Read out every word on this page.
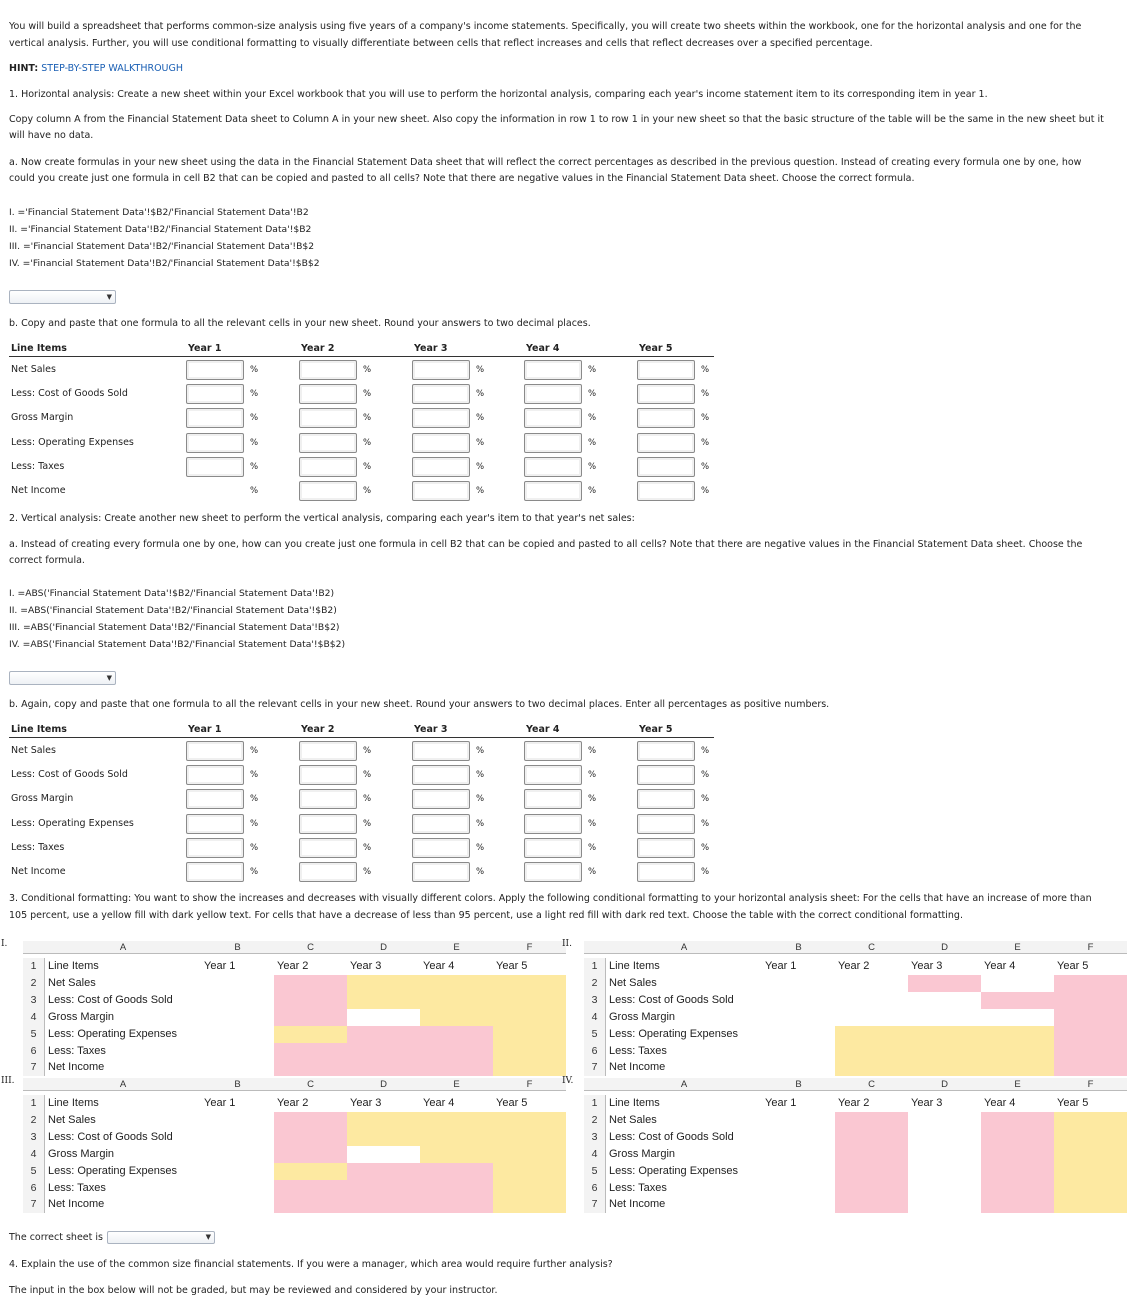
You will build a spreadsheet that performs common-size analysis using five years of a company's income statements. Specifically, you will create two sheets within the workbook, one for the horizontal analysis and one for the

vertical analysis. Further, you will use conditional formatting to visually differentiate between cells that reflect increases and cells that reflect decreases over a specified percentage.

HINT: STEP-BY-STEP WALKTHROUGH

1. Horizontal analysis: Create a new sheet within your Excel workbook that you will use to perform the horizontal analysis, comparing each year's income statement item to its corresponding item in year 1.

Copy column A from the Financial Statement Data sheet to Column A in your new sheet. Also copy the information in row 1 to row 1 in your new sheet so that the basic structure of the table will be the same in the new sheet but it

will have no data.

a. Now create formulas in your new sheet using the data in the Financial Statement Data sheet that will reflect the correct percentages as described in the previous question. Instead of creating every formula one by one, how

could you create just one formula in cell B2 that can be copied and pasted to all cells? Note that there are negative values in the Financial Statement Data sheet. Choose the correct formula.

I. ='Financial Statement Data'!$B2/'Financial Statement Data'!B2
II. ='Financial Statement Data'!B2/'Financial Statement Data'!$B2
III. ='Financial Statement Data'!B2/'Financial Statement Data'!B$2
IV. ='Financial Statement Data'!B2/'Financial Statement Data'!$B$2
▼

b. Copy and paste that one formula to all the relevant cells in your new sheet. Round your answers to two decimal places.

Line Items	Year 1	Year 2	Year 3	Year 4	Year 5
Net Sales	%	%	%	%	%
Less: Cost of Goods Sold	%	%	%	%	%
Gross Margin	%	%	%	%	%
Less: Operating Expenses	%	%	%	%	%
Less: Taxes	%	%	%	%	%
Net Income	%	%	%	%	%

2. Vertical analysis: Create another new sheet to perform the vertical analysis, comparing each year's item to that year's net sales:

a. Instead of creating every formula one by one, how can you create just one formula in cell B2 that can be copied and pasted to all cells? Note that there are negative values in the Financial Statement Data sheet. Choose the

correct formula.

I. =ABS('Financial Statement Data'!$B2/'Financial Statement Data'!B2)
II. =ABS('Financial Statement Data'!B2/'Financial Statement Data'!$B2)
III. =ABS('Financial Statement Data'!B2/'Financial Statement Data'!B$2)
IV. =ABS('Financial Statement Data'!B2/'Financial Statement Data'!$B$2)
▼

b. Again, copy and paste that one formula to all the relevant cells in your new sheet. Round your answers to two decimal places. Enter all percentages as positive numbers.

Line Items	Year 1	Year 2	Year 3	Year 4	Year 5
Net Sales	%	%	%	%	%
Less: Cost of Goods Sold	%	%	%	%	%
Gross Margin	%	%	%	%	%
Less: Operating Expenses	%	%	%	%	%
Less: Taxes	%	%	%	%	%
Net Income	%	%	%	%	%

3. Conditional formatting: You want to show the increases and decreases with visually different colors. Apply the following conditional formatting to your horizontal analysis sheet: For the cells that have an increase of more than

105 percent, use a yellow fill with dark yellow text. For cells that have a decrease of less than 95 percent, use a light red fill with dark red text. Choose the table with the correct conditional formatting.

I.	A	B	C	D	E	F
1	Line Items	Year 1	Year 2	Year 3	Year 4	Year 5
2	Net Sales
3	Less: Cost of Goods Sold
4	Gross Margin
5	Less: Operating Expenses
6	Less: Taxes
7	Net Income
II.	A	B	C	D	E	F
1	Line Items	Year 1	Year 2	Year 3	Year 4	Year 5
2	Net Sales
3	Less: Cost of Goods Sold
4	Gross Margin
5	Less: Operating Expenses
6	Less: Taxes
7	Net Income
III.	A	B	C	D	E	F
1	Line Items	Year 1	Year 2	Year 3	Year 4	Year 5
2	Net Sales
3	Less: Cost of Goods Sold
4	Gross Margin
5	Less: Operating Expenses
6	Less: Taxes
7	Net Income
IV.	A	B	C	D	E	F
1	Line Items	Year 1	Year 2	Year 3	Year 4	Year 5
2	Net Sales
3	Less: Cost of Goods Sold
4	Gross Margin
5	Less: Operating Expenses
6	Less: Taxes
7	Net Income

The correct sheet is	▼

4. Explain the use of the common size financial statements. If you were a manager, which area would require further analysis?

The input in the box below will not be graded, but may be reviewed and considered by your instructor.
